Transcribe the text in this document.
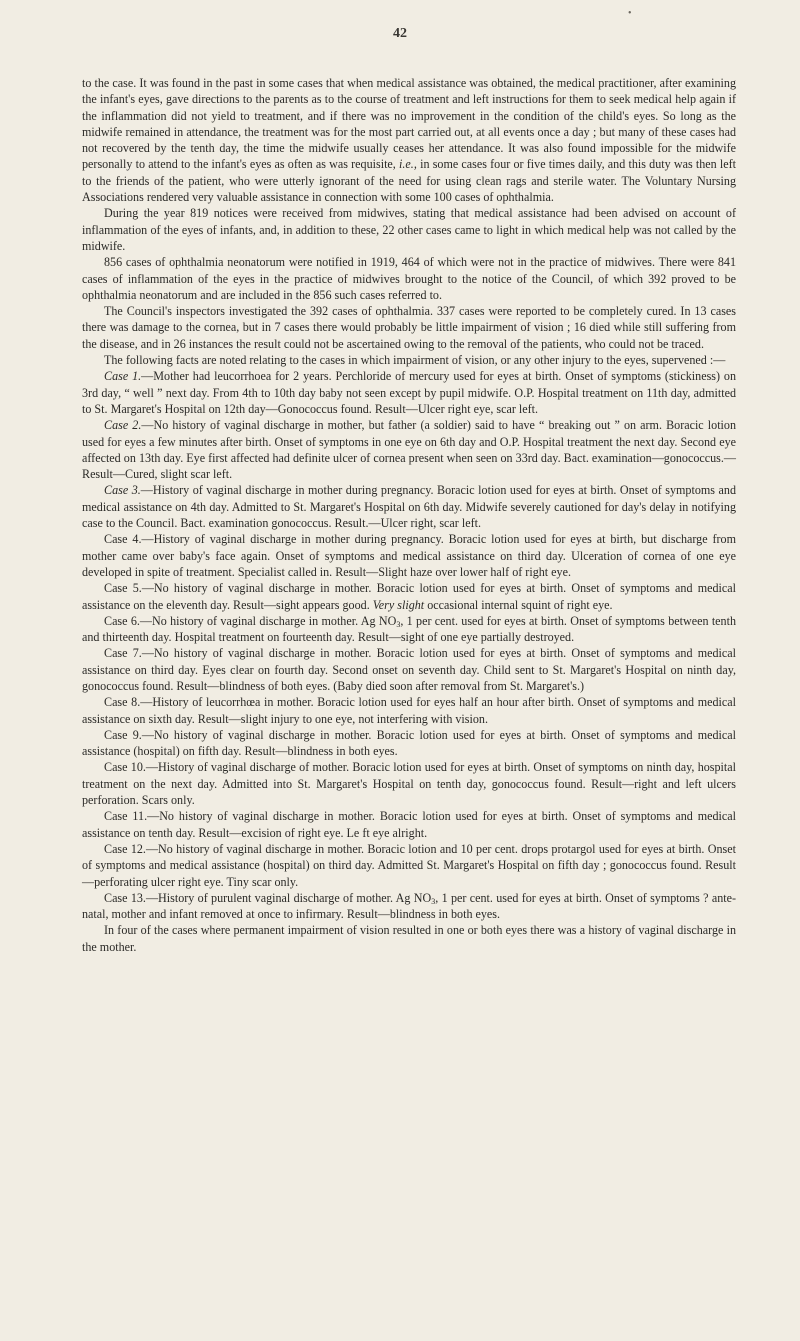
•
42

to the case. It was found in the past in some cases that when medical assistance was obtained, the medical practitioner, after examining the infant's eyes, gave directions to the parents as to the course of treatment and left instructions for them to seek medical help again if the inflammation did not yield to treatment, and if there was no improvement in the condition of the child's eyes. So long as the midwife remained in attendance, the treatment was for the most part carried out, at all events once a day ; but many of these cases had not recovered by the tenth day, the time the midwife usually ceases her attendance. It was also found impossible for the midwife personally to attend to the infant's eyes as often as was requisite, i.e., in some cases four or five times daily, and this duty was then left to the friends of the patient, who were utterly ignorant of the need for using clean rags and sterile water. The Voluntary Nursing Associations rendered very valuable assistance in connection with some 100 cases of ophthalmia.

During the year 819 notices were received from midwives, stating that medical assistance had been advised on account of inflammation of the eyes of infants, and, in addition to these, 22 other cases came to light in which medical help was not called by the midwife.

856 cases of ophthalmia neonatorum were notified in 1919, 464 of which were not in the practice of midwives. There were 841 cases of inflammation of the eyes in the practice of midwives brought to the notice of the Council, of which 392 proved to be ophthalmia neonatorum and are included in the 856 such cases referred to.

The Council's inspectors investigated the 392 cases of ophthalmia. 337 cases were reported to be completely cured. In 13 cases there was damage to the cornea, but in 7 cases there would probably be little impairment of vision ; 16 died while still suffering from the disease, and in 26 instances the result could not be ascertained owing to the removal of the patients, who could not be traced.

The following facts are noted relating to the cases in which impairment of vision, or any other injury to the eyes, supervened :—

Case 1.—Mother had leucorrhoea for 2 years. Perchloride of mercury used for eyes at birth. Onset of symptoms (stickiness) on 3rd day, “ well ” next day. From 4th to 10th day baby not seen except by pupil midwife. O.P. Hospital treatment on 11th day, admitted to St. Margaret's Hospital on 12th day—Gonococcus found. Result—Ulcer right eye, scar left.

Case 2.—No history of vaginal discharge in mother, but father (a soldier) said to have “ breaking out ” on arm. Boracic lotion used for eyes a few minutes after birth. Onset of symptoms in one eye on 6th day and O.P. Hospital treatment the next day. Second eye affected on 13th day. Eye first affected had definite ulcer of cornea present when seen on 33rd day. Bact. examination—gonococcus.—Result—Cured, slight scar left.

Case 3.—History of vaginal discharge in mother during pregnancy. Boracic lotion used for eyes at birth. Onset of symptoms and medical assistance on 4th day. Admitted to St. Margaret's Hospital on 6th day. Midwife severely cautioned for day's delay in notifying case to the Council. Bact. examination gonococcus. Result.—Ulcer right, scar left.

Case 4.—History of vaginal discharge in mother during pregnancy. Boracic lotion used for eyes at birth, but discharge from mother came over baby's face again. Onset of symptoms and medical assistance on third day. Ulceration of cornea of one eye developed in spite of treatment. Specialist called in. Result—Slight haze over lower half of right eye.

Case 5.—No history of vaginal discharge in mother. Boracic lotion used for eyes at birth. Onset of symptoms and medical assistance on the eleventh day. Result—sight appears good. Very slight occasional internal squint of right eye.

Case 6.—No history of vaginal discharge in mother. Ag $NO_3$, 1 per cent. used for eyes at birth. Onset of symptoms between tenth and thirteenth day. Hospital treatment on fourteenth day. Result—sight of one eye partially destroyed.

Case 7.—No history of vaginal discharge in mother. Boracic lotion used for eyes at birth. Onset of symptoms and medical assistance on third day. Eyes clear on fourth day. Second onset on seventh day. Child sent to St. Margaret's Hospital on ninth day, gonococcus found. Result—blindness of both eyes. (Baby died soon after removal from St. Margaret's.)

Case 8.—History of leucorrhœa in mother. Boracic lotion used for eyes half an hour after birth. Onset of symptoms and medical assistance on sixth day. Result—slight injury to one eye, not interfering with vision.

Case 9.—No history of vaginal discharge in mother. Boracic lotion used for eyes at birth. Onset of symptoms and medical assistance (hospital) on fifth day. Result—blindness in both eyes.

Case 10.—History of vaginal discharge of mother. Boracic lotion used for eyes at birth. Onset of symptoms on ninth day, hospital treatment on the next day. Admitted into St. Margaret's Hospital on tenth day, gonococcus found. Result—right and left ulcers perforation. Scars only.

Case 11.—No history of vaginal discharge in mother. Boracic lotion used for eyes at birth. Onset of symptoms and medical assistance on tenth day. Result—excision of right eye. Le ft eye alright.

Case 12.—No history of vaginal discharge in mother. Boracic lotion and 10 per cent. drops protargol used for eyes at birth. Onset of symptoms and medical assistance (hospital) on third day. Admitted St. Margaret's Hospital on fifth day ; gonococcus found. Result—perforating ulcer right eye. Tiny scar only.

Case 13.—History of purulent vaginal discharge of mother. Ag $NO_3$, 1 per cent. used for eyes at birth. Onset of symptoms ? ante-natal, mother and infant removed at once to infirmary. Result—blindness in both eyes.

In four of the cases where permanent impairment of vision resulted in one or both eyes there was a history of vaginal discharge in the mother.
